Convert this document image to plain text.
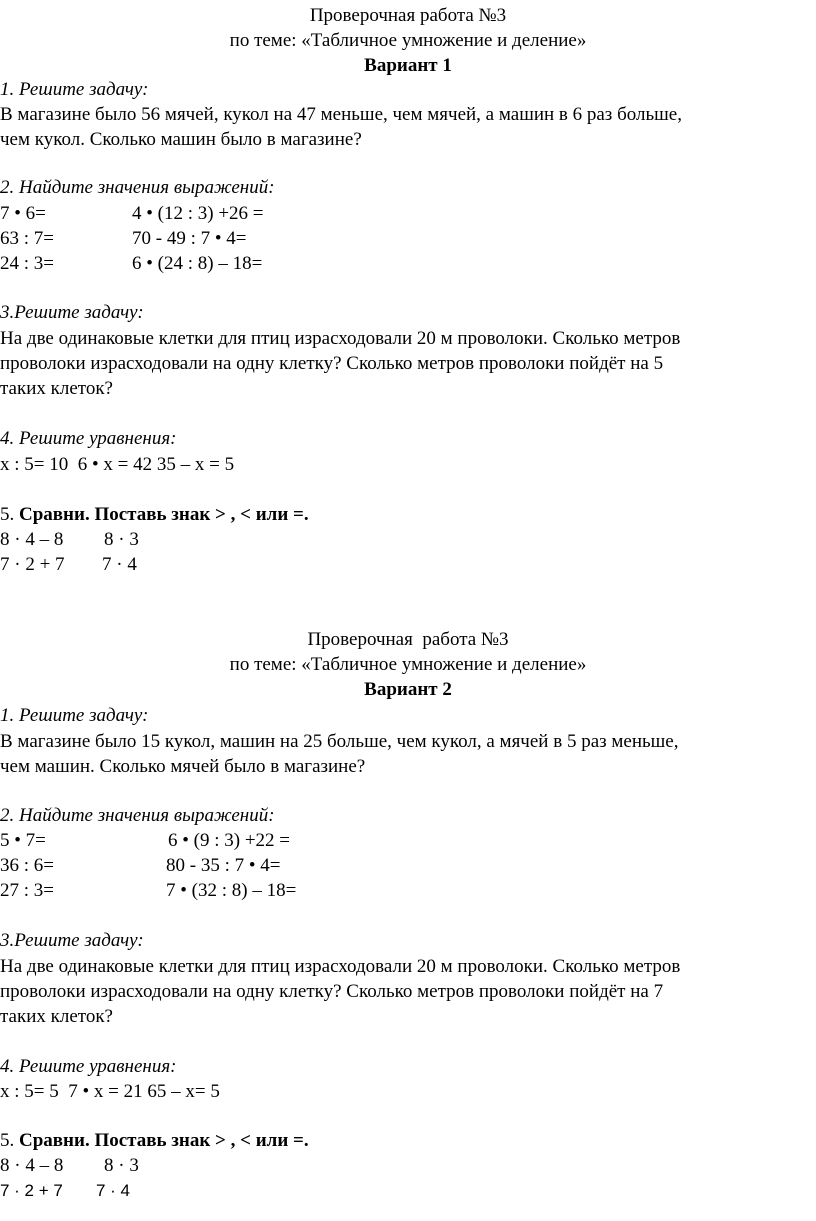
Проверочная работа №3
по теме: «Табличное умножение и деление»
Вариант 1
1. Решите задачу:
В магазине было 56 мячей, кукол на 47 меньше, чем мячей, а машин в 6 раз больше,
чем кукол. Сколько машин было в магазине?
2. Найдите значения выражений:
7 • 6=	4 • (12 : 3) +26 =
63 : 7=	70 - 49 : 7 • 4=
24 : 3=	6 • (24 : 8) – 18=
3.Решите задачу:
На две одинаковые клетки для птиц израсходовали 20 м проволоки. Сколько метров
проволоки израсходовали на одну клетку? Сколько метров проволоки пойдёт на 5
таких клеток?
4. Решите уравнения:
х : 5= 10  6 • х = 42 35 – х = 5
5. Сравни. Поставь знак > , < или =.
8 · 4 – 8 8 · 3
7 · 2 + 7 7 · 4
Проверочная  работа №3
по теме: «Табличное умножение и деление»
Вариант 2
1. Решите задачу:
В магазине было 15 кукол, машин на 25 больше, чем кукол, а мячей в 5 раз меньше,
чем машин. Сколько мячей было в магазине?
2. Найдите значения выражений:
5 • 7=	6 • (9 : 3) +22 =
36 : 6=	80 - 35 : 7 • 4=
27 : 3=	7 • (32 : 8) – 18=
3.Решите задачу:
На две одинаковые клетки для птиц израсходовали 20 м проволоки. Сколько метров
проволоки израсходовали на одну клетку? Сколько метров проволоки пойдёт на 7
таких клеток?
4. Решите уравнения:
х : 5= 5  7 • х = 21 65 – х= 5
5. Сравни. Поставь знак > , < или =.
8 · 4 – 8 8 · 3
7 · 2 + 7 7 · 4
